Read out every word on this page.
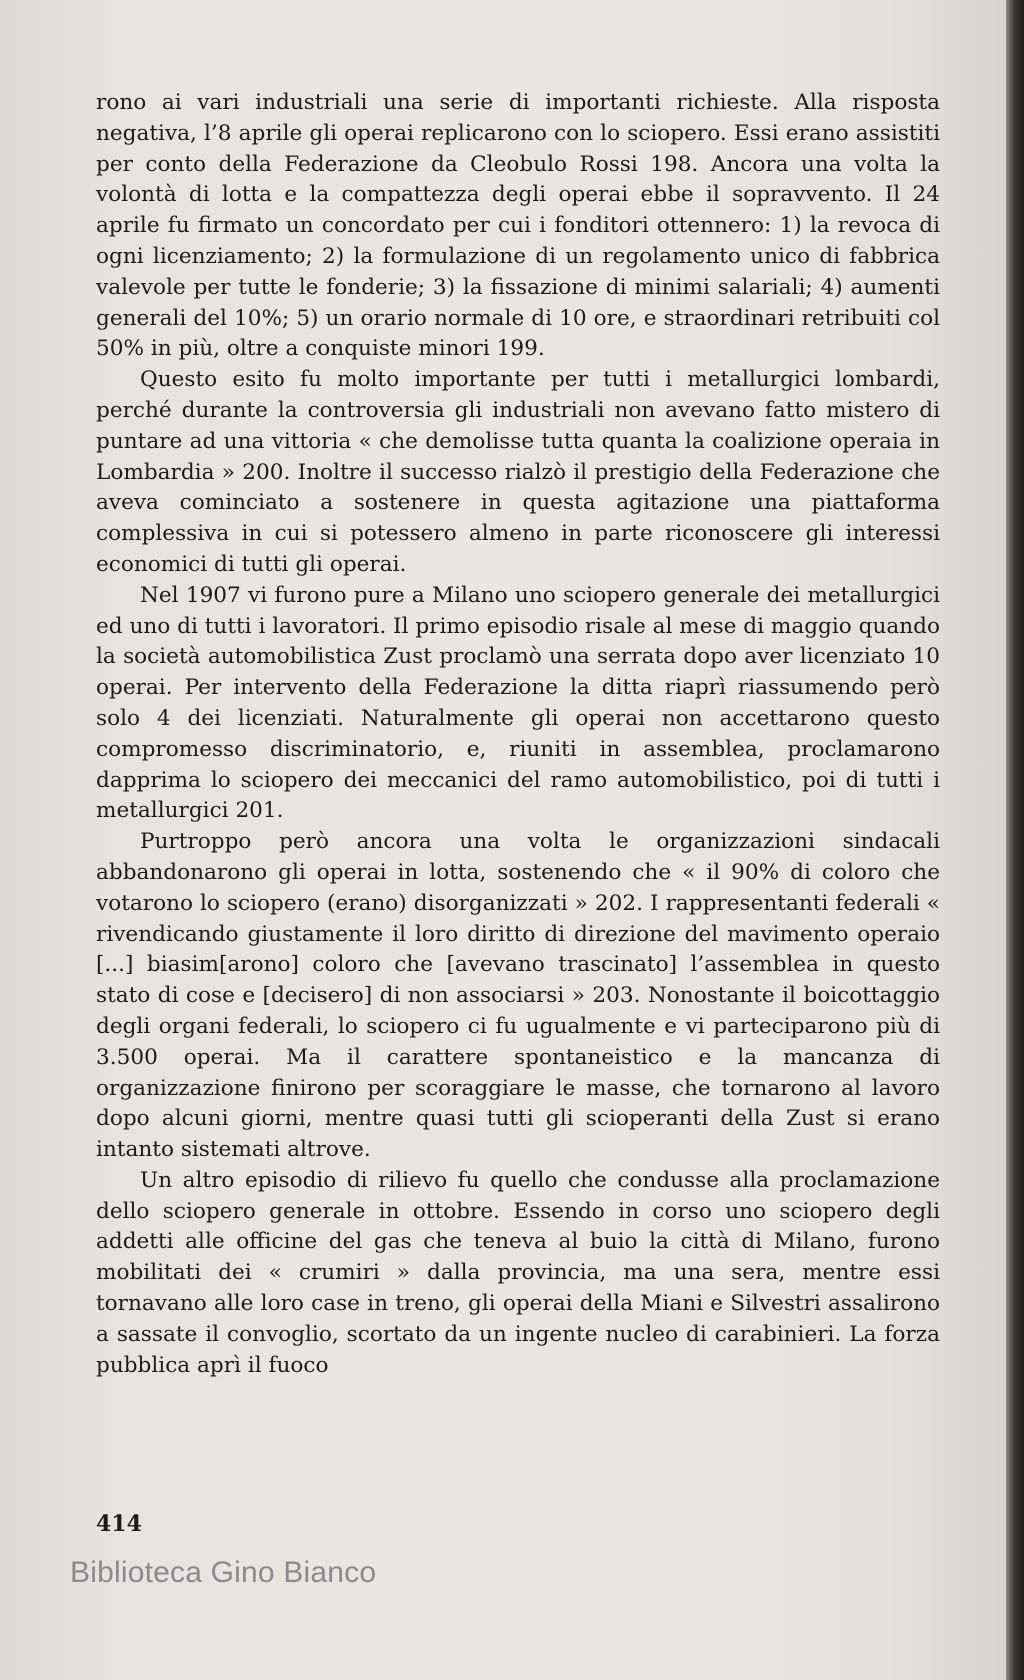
rono ai vari industriali una serie di importanti richieste. Alla risposta negativa, l’8 aprile gli operai replicarono con lo sciopero. Essi erano assistiti per conto della Federazione da Cleobulo Rossi 198. Ancora una volta la volontà di lotta e la compattezza degli operai ebbe il sopravvento. Il 24 aprile fu firmato un concordato per cui i fonditori ottennero: 1) la revoca di ogni licenziamento; 2) la formulazione di un regolamento unico di fabbrica valevole per tutte le fonderie; 3) la fissazione di minimi salariali; 4) aumenti generali del 10%; 5) un orario normale di 10 ore, e straordinari retribuiti col 50% in più, oltre a conquiste minori 199.

Questo esito fu molto importante per tutti i metallurgici lombardi, perché durante la controversia gli industriali non avevano fatto mistero di puntare ad una vittoria « che demolisse tutta quanta la coalizione operaia in Lombardia » 200. Inoltre il successo rialzò il prestigio della Federazione che aveva cominciato a sostenere in questa agitazione una piattaforma complessiva in cui si potessero almeno in parte riconoscere gli interessi economici di tutti gli operai.

Nel 1907 vi furono pure a Milano uno sciopero generale dei metallurgici ed uno di tutti i lavoratori. Il primo episodio risale al mese di maggio quando la società automobilistica Zust proclamò una serrata dopo aver licenziato 10 operai. Per intervento della Federazione la ditta riaprì riassumendo però solo 4 dei licenziati. Naturalmente gli operai non accettarono questo compromesso discriminatorio, e, riuniti in assemblea, proclamarono dapprima lo sciopero dei meccanici del ramo automobilistico, poi di tutti i metallurgici 201.

Purtroppo però ancora una volta le organizzazioni sindacali abbandonarono gli operai in lotta, sostenendo che « il 90% di coloro che votarono lo sciopero (erano) disorganizzati » 202. I rappresentanti federali « rivendicando giustamente il loro diritto di direzione del mavimento operaio [...] biasim[arono] coloro che [avevano trascinato] l’assemblea in questo stato di cose e [decisero] di non associarsi » 203. Nonostante il boicottaggio degli organi federali, lo sciopero ci fu ugualmente e vi parteciparono più di 3.500 operai. Ma il carattere spontaneistico e la mancanza di organizzazione finirono per scoraggiare le masse, che tornarono al lavoro dopo alcuni giorni, mentre quasi tutti gli scioperanti della Zust si erano intanto sistemati altrove.

Un altro episodio di rilievo fu quello che condusse alla proclamazione dello sciopero generale in ottobre. Essendo in corso uno sciopero degli addetti alle officine del gas che teneva al buio la città di Milano, furono mobilitati dei « crumiri » dalla provincia, ma una sera, mentre essi tornavano alle loro case in treno, gli operai della Miani e Silvestri assalirono a sassate il convoglio, scortato da un ingente nucleo di carabinieri. La forza pubblica aprì il fuoco

414
Biblioteca Gino Bianco
